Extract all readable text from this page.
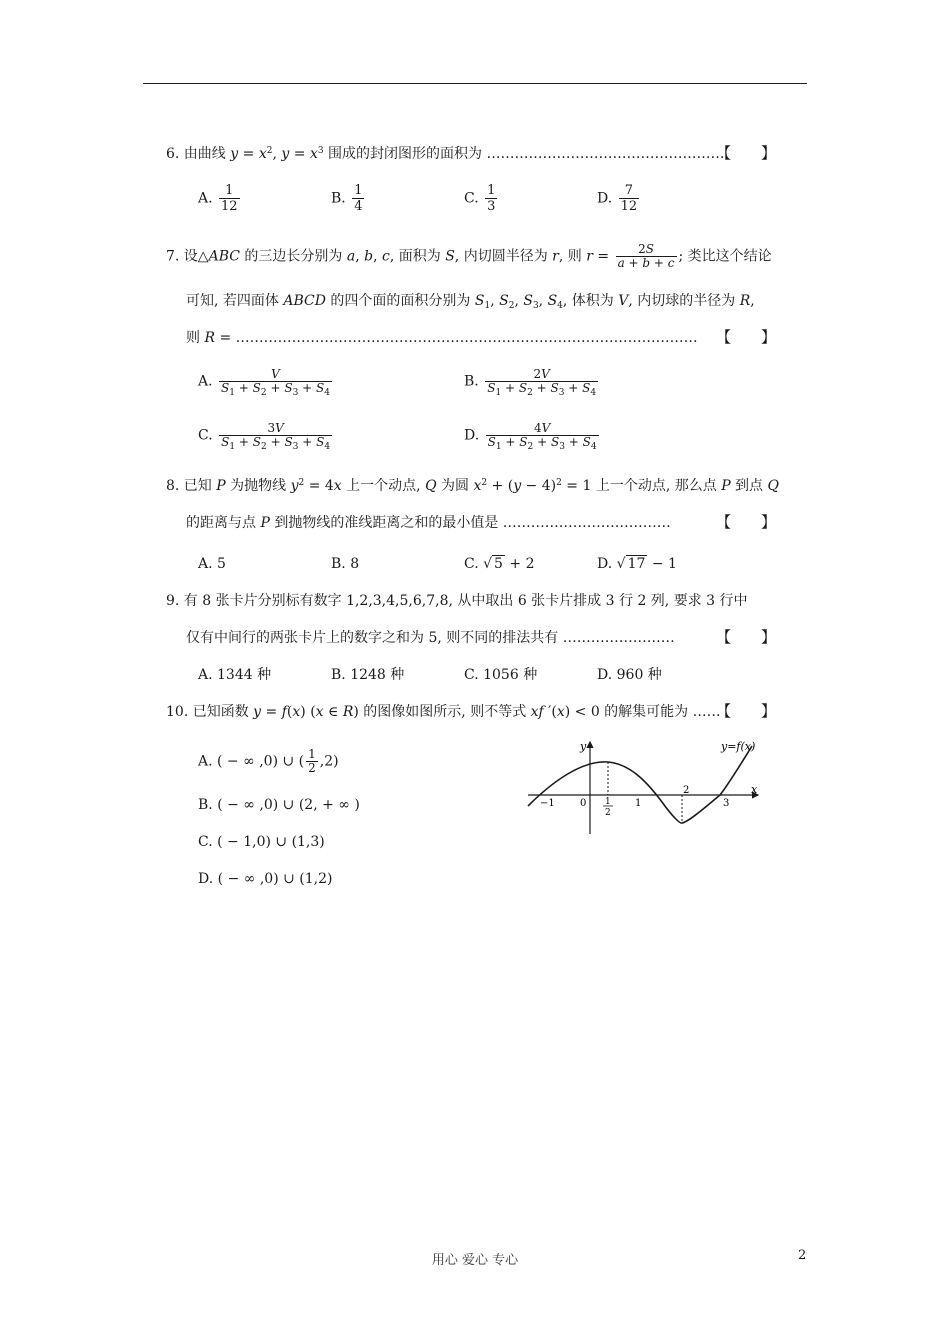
6. 由曲线 $y = x^2$, $y = x^3$ 围成的封闭图形的面积为 ……………………………………………
【　　】
A. $\frac{1}{12}$	B. $\frac{1}{4}$	C. $\frac{1}{3}$	D. $\frac{7}{12}$
7. 设△ABC 的三边长分别为 a, b, c, 面积为 S, 内切圆半径为 r, 则 $r = \frac{2S}{a + b + c}$ ; 类比这个结论
可知, 若四面体 ABCD 的四个面的面积分别为 $S_1$, $S_2$, $S_3$, $S_4$, 体积为 V, 内切球的半径为 R,
则 R = ……………………………………………………………………………………… 【　　】
A. $\frac{V}{S_1 + S_2 + S_3 + S_4}$	B. $\frac{2V}{S_1 + S_2 + S_3 + S_4}$
C. $\frac{3V}{S_1 + S_2 + S_3 + S_4}$	D. $\frac{4V}{S_1 + S_2 + S_3 + S_4}$
8. 已知 P 为抛物线 $y^2 = 4x$ 上一个动点, Q 为圆 $x^2 + (y - 4)^2 = 1$ 上一个动点, 那么点 P 到点 Q
的距离与点 P 到抛物线的准线距离之和的最小值是 ………………………………	【　　】
A. 5	B. 8	C. √ 5 + 2	D. √ 17 − 1
9. 有 8 张卡片分别标有数字 1,2,3,4,5,6,7,8, 从中取出 6 张卡片排成 3 行 2 列, 要求 3 行中
仅有中间行的两张卡片上的数字之和为 5, 则不同的排法共有 ……………………	【　　】
A. 1344 种	B. 1248 种	C. 1056 种	D. 960 种
10. 已知函数 y = f(x) (x ∈ R) 的图像如图所示, 则不等式 xf ′(x) < 0 的解集可能为 ……
【　　】
A. ( − ∞ ,0) ∪ ( $\frac{1}{2} ,2$)
B. ( − ∞ ,0) ∪ (2, + ∞ )
C. ( − 1,0) ∪ (1,3)
D. ( − ∞ ,0) ∪ (1,2)
y
x
y=f(x)
−1	0 1
2
1
2
3
用心 爱心 专心	2
